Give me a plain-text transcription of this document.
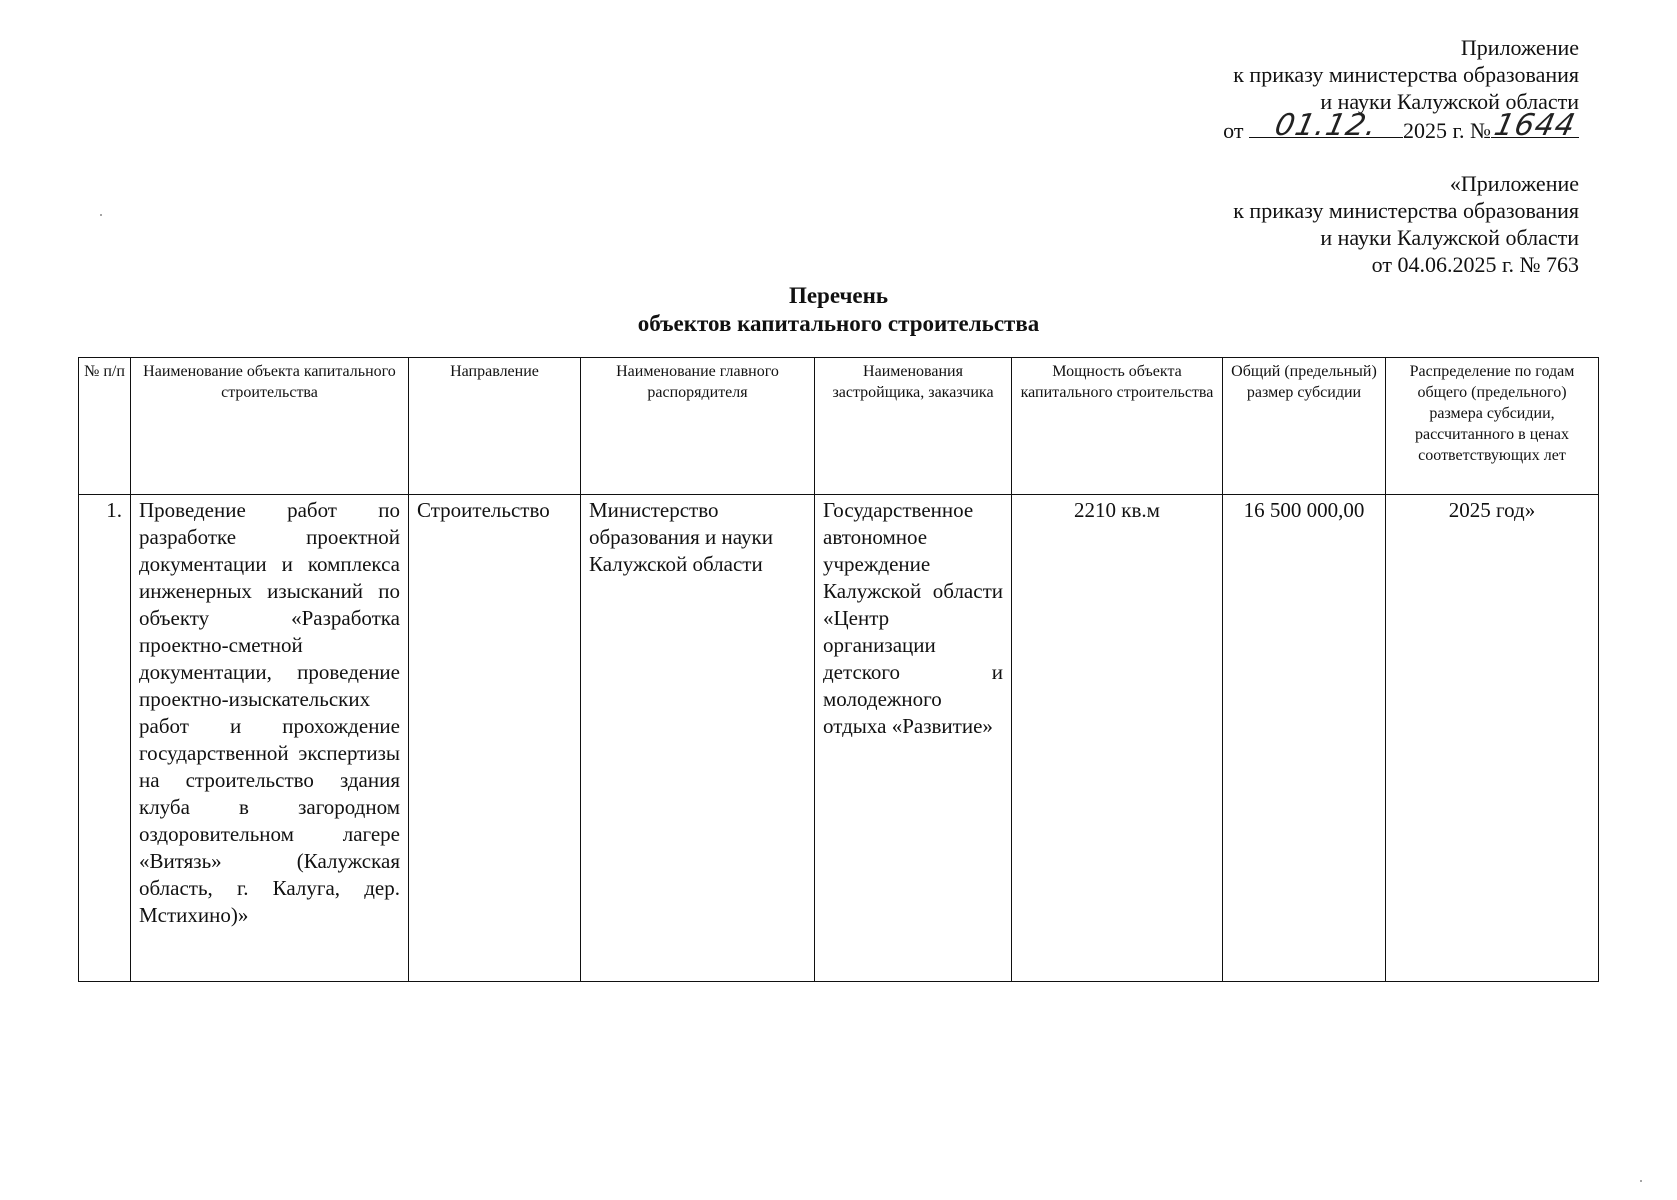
Приложение
к приказу министерства образования
и науки Калужской области
от 01.12.	2025 г. № 1644
«Приложение
к приказу министерства образования
и науки Калужской области
от 04.06.2025 г. № 763
Перечень
объектов капитального строительства
№ п/п	Наименование объекта капитального строительства	Направление	Наименование главного распорядителя	Наименования застройщика, заказчика	Мощность объекта капитального строительства	Общий (предельный) размер субсидии	Распределение по годам общего (предельного) размера субсидии, рассчитанного в ценах соответствующих лет
1.	Проведение работ по разработке проектной документации и комплекса инженерных изысканий по объекту «Разработка проектно-сметной документации, проведение проектно-изыскательских работ и прохождение государственной экспертизы на строительство здания клуба в загородном оздоровительном лагере «Витязь» (Калужская область, г. Калуга, дер. Мстихино)»	Строительство	Министерство образования и науки Калужской области	Государственное автономное учреждение Калужской области «Центр организации детского и молодежного отдыха «Развитие»	2210 кв.м	16 500 000,00	2025 год»
